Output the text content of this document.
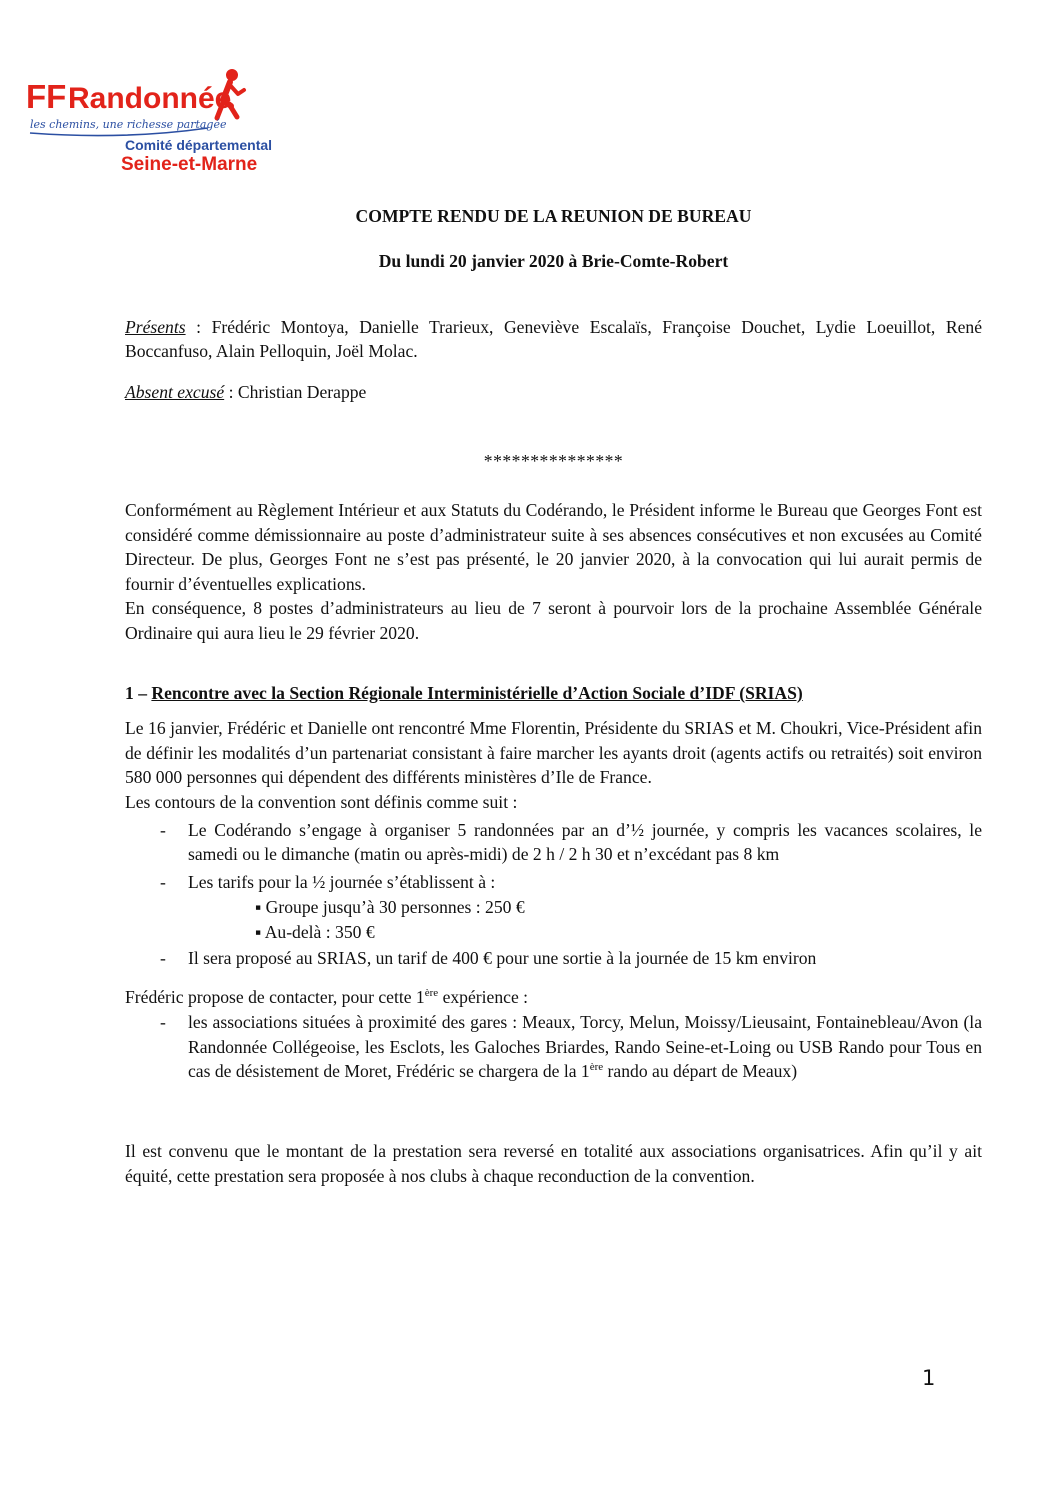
FF Randonnée
les chemins, une richesse partagée
Comité départemental
Seine-et-Marne
COMPTE RENDU DE LA REUNION DE BUREAU
Du lundi 20 janvier 2020 à Brie-Comte-Robert

Présents : Frédéric Montoya, Danielle Trarieux, Geneviève Escalaïs, Françoise Douchet, Lydie Loeuillot, René Boccanfuso, Alain Pelloquin, Joël Molac.

Absent excusé : Christian Derappe

***************

Conformément au Règlement Intérieur et aux Statuts du Codérando, le Président informe le Bureau que Georges Font est considéré comme démissionnaire au poste d’administrateur suite à ses absences consécutives et non excusées au Comité Directeur. De plus, Georges Font ne s’est pas présenté, le 20 janvier 2020, à la convocation qui lui aurait permis de fournir d’éventuelles explications.

En conséquence, 8 postes d’administrateurs au lieu de 7 seront à pourvoir lors de la prochaine Assemblée Générale Ordinaire qui aura lieu le 29 février 2020.

1 – Rencontre avec la Section Régionale Interministérielle d’Action Sociale d’IDF (SRIAS)

Le 16 janvier, Frédéric et Danielle ont rencontré Mme Florentin, Présidente du SRIAS et M. Choukri, Vice-Président afin de définir les modalités d’un partenariat consistant à faire marcher les ayants droit (agents actifs ou retraités) soit environ 580 000 personnes qui dépendent des différents ministères d’Ile de France.

Les contours de la convention sont définis comme suit :

- Le Codérando s’engage à organiser 5 randonnées par an d’½ journée, y compris les vacances scolaires, le samedi ou le dimanche (matin ou après-midi) de 2 h / 2 h 30 et n’excédant pas 8 km
- Les tarifs pour la ½ journée s’établissent à :
▪ Groupe jusqu’à 30 personnes : 250 €
▪ Au-delà : 350 €
- Il sera proposé au SRIAS, un tarif de 400 € pour une sortie à la journée de 15 km environ

Frédéric propose de contacter, pour cette 1ère expérience :

- les associations situées à proximité des gares : Meaux, Torcy, Melun, Moissy/Lieusaint, Fontainebleau/Avon (la Randonnée Collégeoise, les Esclots, les Galoches Briardes, Rando Seine-et-Loing ou USB Rando pour Tous en cas de désistement de Moret, Frédéric se chargera de la 1ère rando au départ de Meaux)

Il est convenu que le montant de la prestation sera reversé en totalité aux associations organisatrices. Afin qu’il y ait équité, cette prestation sera proposée à nos clubs à chaque reconduction de la convention.

1
